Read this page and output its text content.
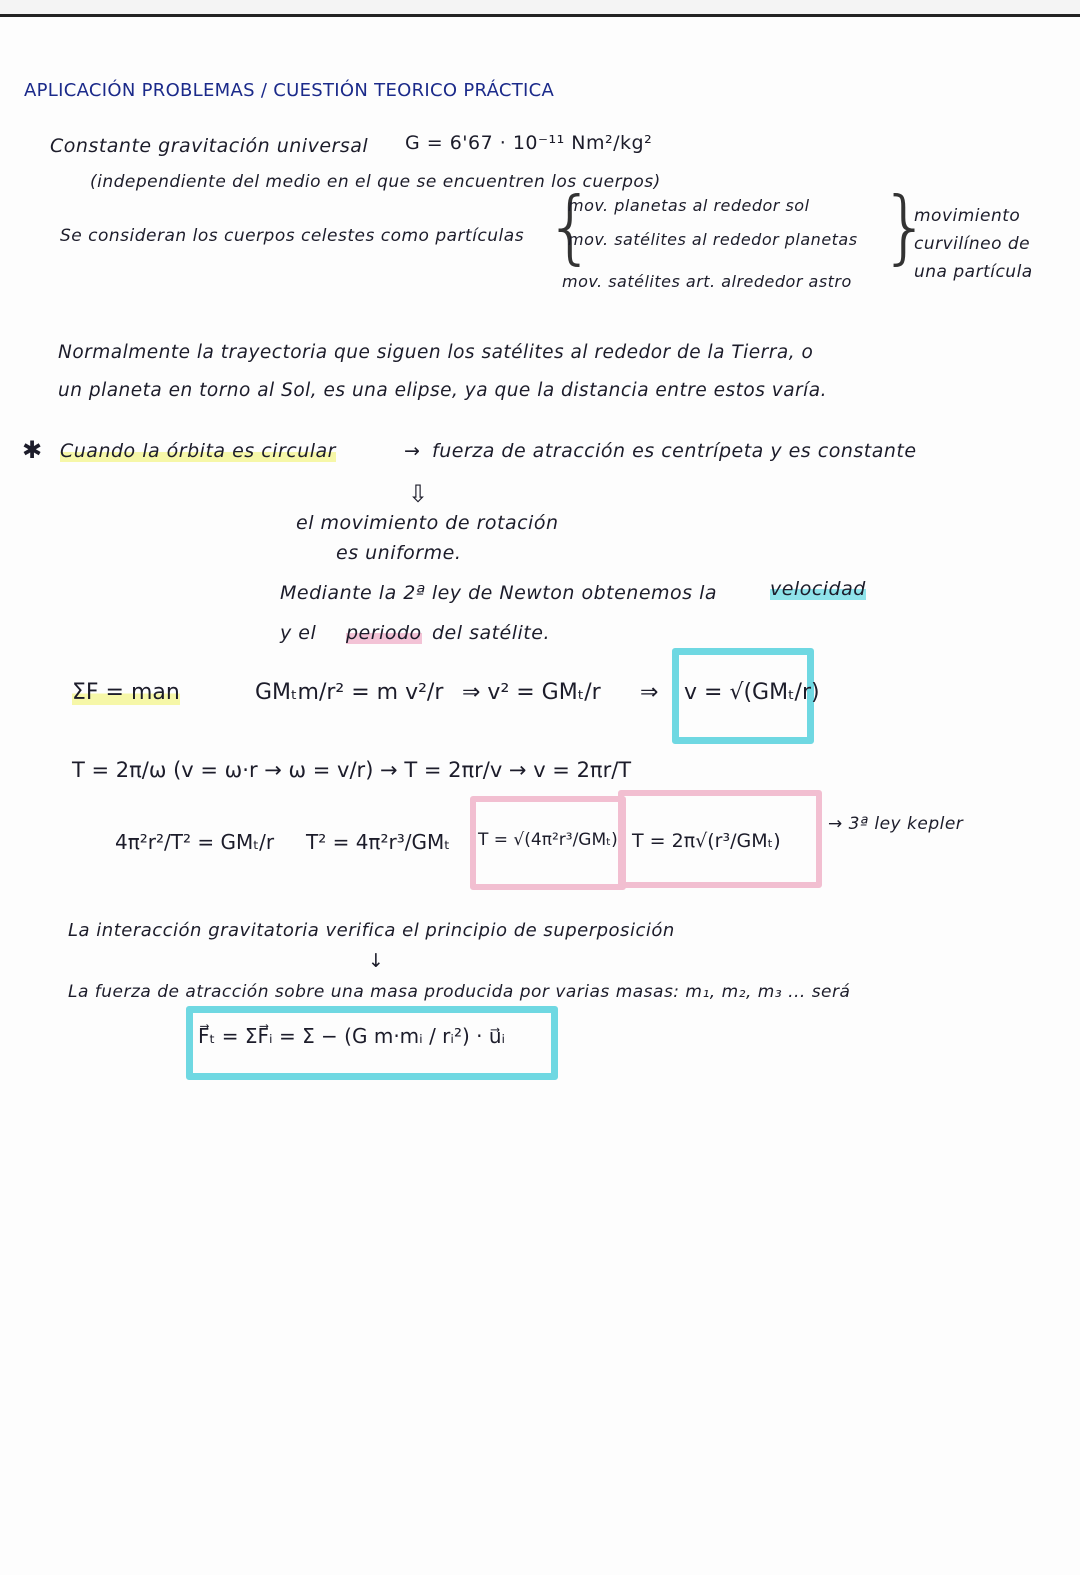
APLICACIÓN PROBLEMAS / CUESTIÓN TEORICO PRÁCTICA
Constante gravitación universal G = 6'67 · 10⁻¹¹ Nm²/kg²
(independiente del medio en el que se encuentren los cuerpos)
Se consideran los cuerpos celestes como partículas {
mov. planetas al rededor sol
mov. satélites al rededor planetas
mov. satélites art. alrededor astro
}
movimiento
curvilíneo de
una partícula
Normalmente la trayectoria que siguen los satélites al rededor de la Tierra, o
un planeta en torno al Sol, es una elipse, ya que la distancia entre estos varía.
✱ Cuando la órbita es circular	→ fuerza de atracción es centrípeta y es constante
⇩
el movimiento de rotación
es uniforme.
Mediante la 2ª ley de Newton obtenemos la	velocidad
y el periodo del satélite.
ΣF = man	GMₜm/r² = m v²/r ⇒ v² = GMₜ/r ⇒ v = √(GMₜ/r)
T = 2π/ω (v = ω·r → ω = v/r) → T = 2πr/v → v = 2πr/T
4π²r²/T² = GMₜ/r T² = 4π²r³/GMₜ T = √(4π²r³/GMₜ) T = 2π√(r³/GMₜ)
→ 3ª ley kepler
La interacción gravitatoria verifica el principio de superposición
↓
La fuerza de atracción sobre una masa producida por varias masas: m₁, m₂, m₃ ... será
F⃗ₜ = ΣF⃗ᵢ = Σ − (G m·mᵢ / rᵢ²) · u⃗ᵢ
